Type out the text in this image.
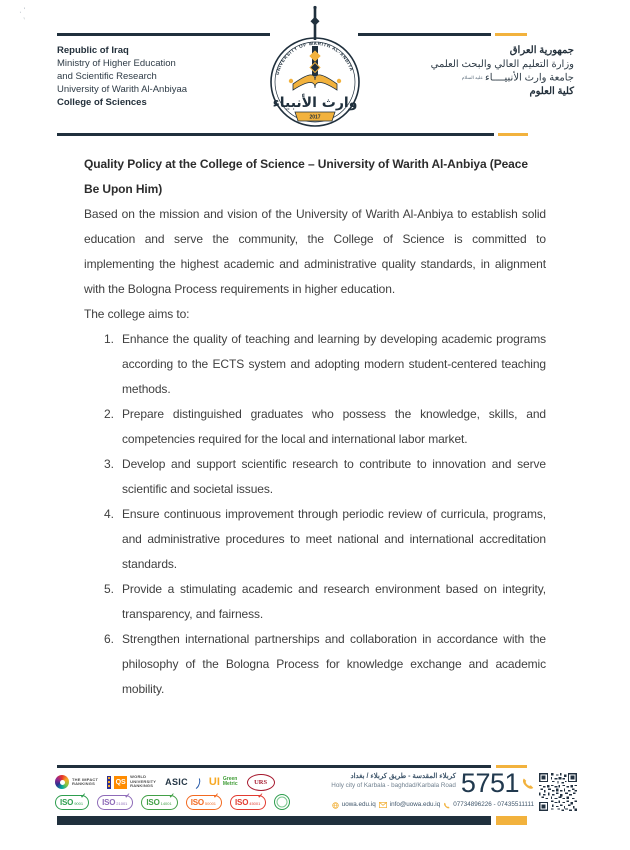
· ʻ
ʼ
Republic of Iraq
Ministry of Higher Education
and Scientific Research
University of Warith Al-Anbiyaa
College of Sciences
جمهورية العراق
وزارة التعليم العالي والبحث العلمي
جامعة وارث الأنبيــــاءعليه السلام
كلية العلوم
UNIVERSITY OF WARITH AL-ANBIYA
وارث الأنبياء
2017
Quality Policy at the College of Science – University of Warith Al-Anbiya (Peace Be Upon Him)

Based on the mission and vision of the University of Warith Al-Anbiya to establish solid education and serve the community, the College of Science is committed to implementing the highest academic and administrative quality standards, in alignment with the Bologna Process requirements in higher education.

The college aims to:
1. Enhance the quality of teaching and learning by developing academic programs according to the ECTS system and adopting modern student-centered teaching methods.
2. Prepare distinguished graduates who possess the knowledge, skills, and competencies required for the local and international labor market.
3. Develop and support scientific research to contribute to innovation and serve scientific and societal issues.
4. Ensure continuous improvement through periodic review of curricula, programs, and administrative procedures to meet national and international accreditation standards.
5. Provide a stimulating academic and research environment based on integrity, transparency, and fairness.
6. Strengthen international partnerships and collaboration in accordance with the philosophy of the Bologna Process for knowledge exchange and academic mobility.
THE IMPACT
RANKINGS	QS
WORLD
UNIVERSITY
RANKINGS	ASIC UI Green
Metric	URS
ISO 9001
✓
ISO 21001
✓
ISO 14001
✓
ISO 50001
✓
ISO 45001
✓
كربلاء المقدسة - طريق كربلاء / بغداد
Holy city of Karbala - baghdad/Karbala Road 5751
uowa.edu.iq info@uowa.edu.iq 07734896226 - 07435511111
